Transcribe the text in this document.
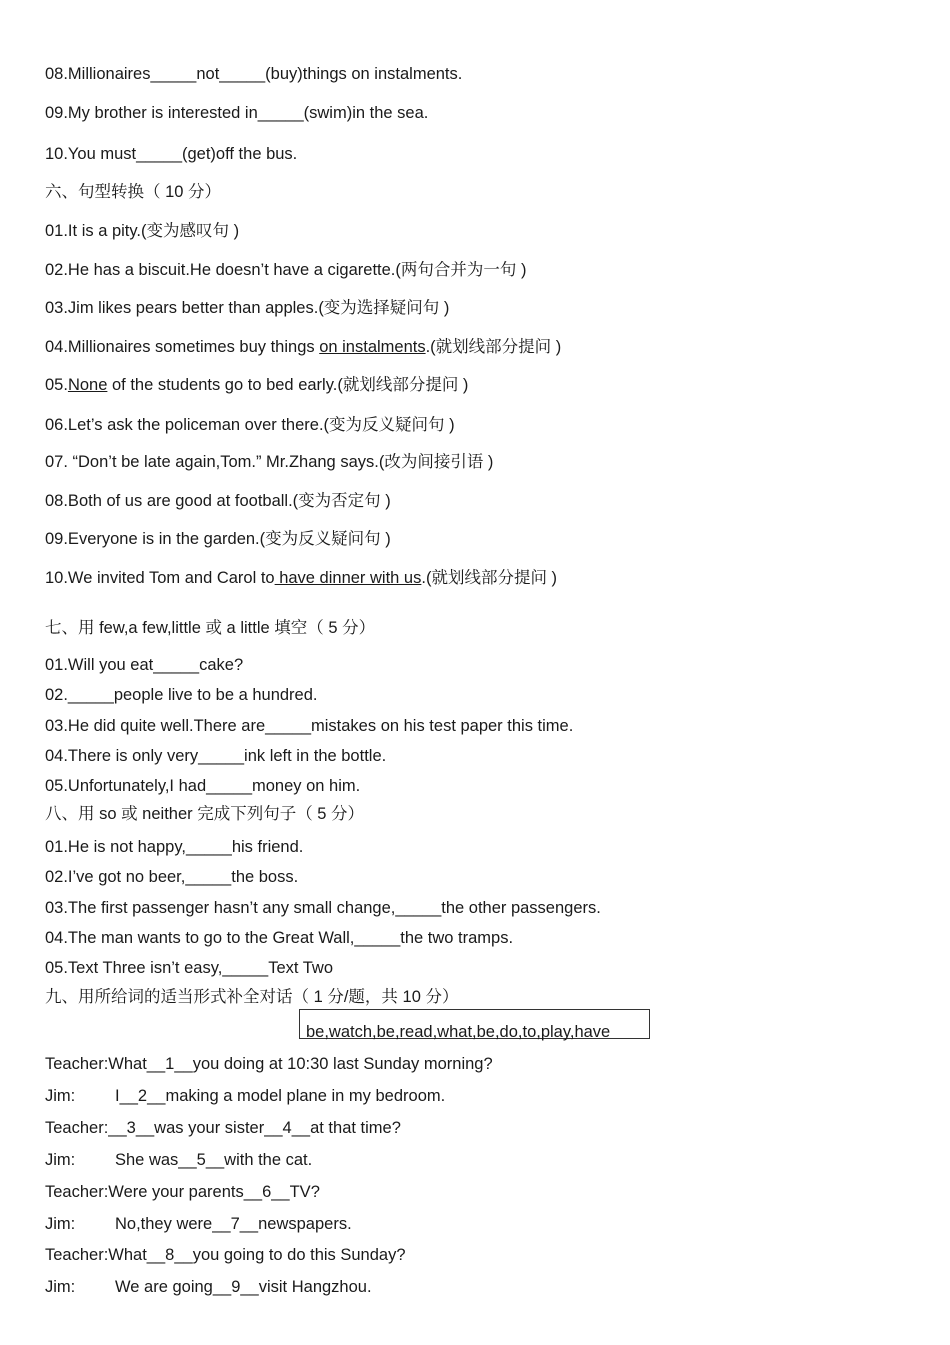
08.Millionaires_____not_____(buy)things on instalments.
09.My brother is interested in_____(swim)in the sea.
10.You must_____(get)off the bus.
六、句型转换（ 10 分）
01.It is a pity.(变为感叹句 )
02.He has a biscuit.He doesn’t have a cigarette.(两句合并为一句 )
03.Jim likes pears better than apples.(变为选择疑问句 )
04.Millionaires sometimes buy things on instalments.(就划线部分提问 )
05.None of the students go to bed early.(就划线部分提问 )
06.Let’s ask the policeman over there.(变为反义疑问句 )
07. “Don’t be late again,Tom.” Mr.Zhang says.(改为间接引语 )
08.Both of us are good at football.(变为否定句 )
09.Everyone is in the garden.(变为反义疑问句 )
10.We invited Tom and Carol to have dinner with us.(就划线部分提问 )
七、用 few,a few,little 或 a little 填空（ 5 分）
01.Will you eat_____cake?
02._____people live to be a hundred.
03.He did quite well.There are_____mistakes on his test paper this time.
04.There is only very_____ink left in the bottle.
05.Unfortunately,I had_____money on him.
八、用 so 或 neither 完成下列句子（ 5 分）
01.He is not happy,_____his friend.
02.I’ve got no beer,_____the boss.
03.The first passenger hasn’t any small change,_____the other passengers.
04.The man wants to go to the Great Wall,_____the two tramps.
05.Text Three isn’t easy,_____Text Two
九、用所给词的适当形式补全对话（ 1 分/题，共 10 分）
be,watch,be,read,what,be,do,to,play,have
Teacher:What__1__you doing at 10:30 last Sunday morning?
Jim: I__2__making a model plane in my bedroom.
Teacher:__3__was your sister__4__at that time?
Jim: She was__5__with the cat.
Teacher:Were your parents__6__TV?
Jim: No,they were__7__newspapers.
Teacher:What__8__you going to do this Sunday?
Jim: We are going__9__visit Hangzhou.
